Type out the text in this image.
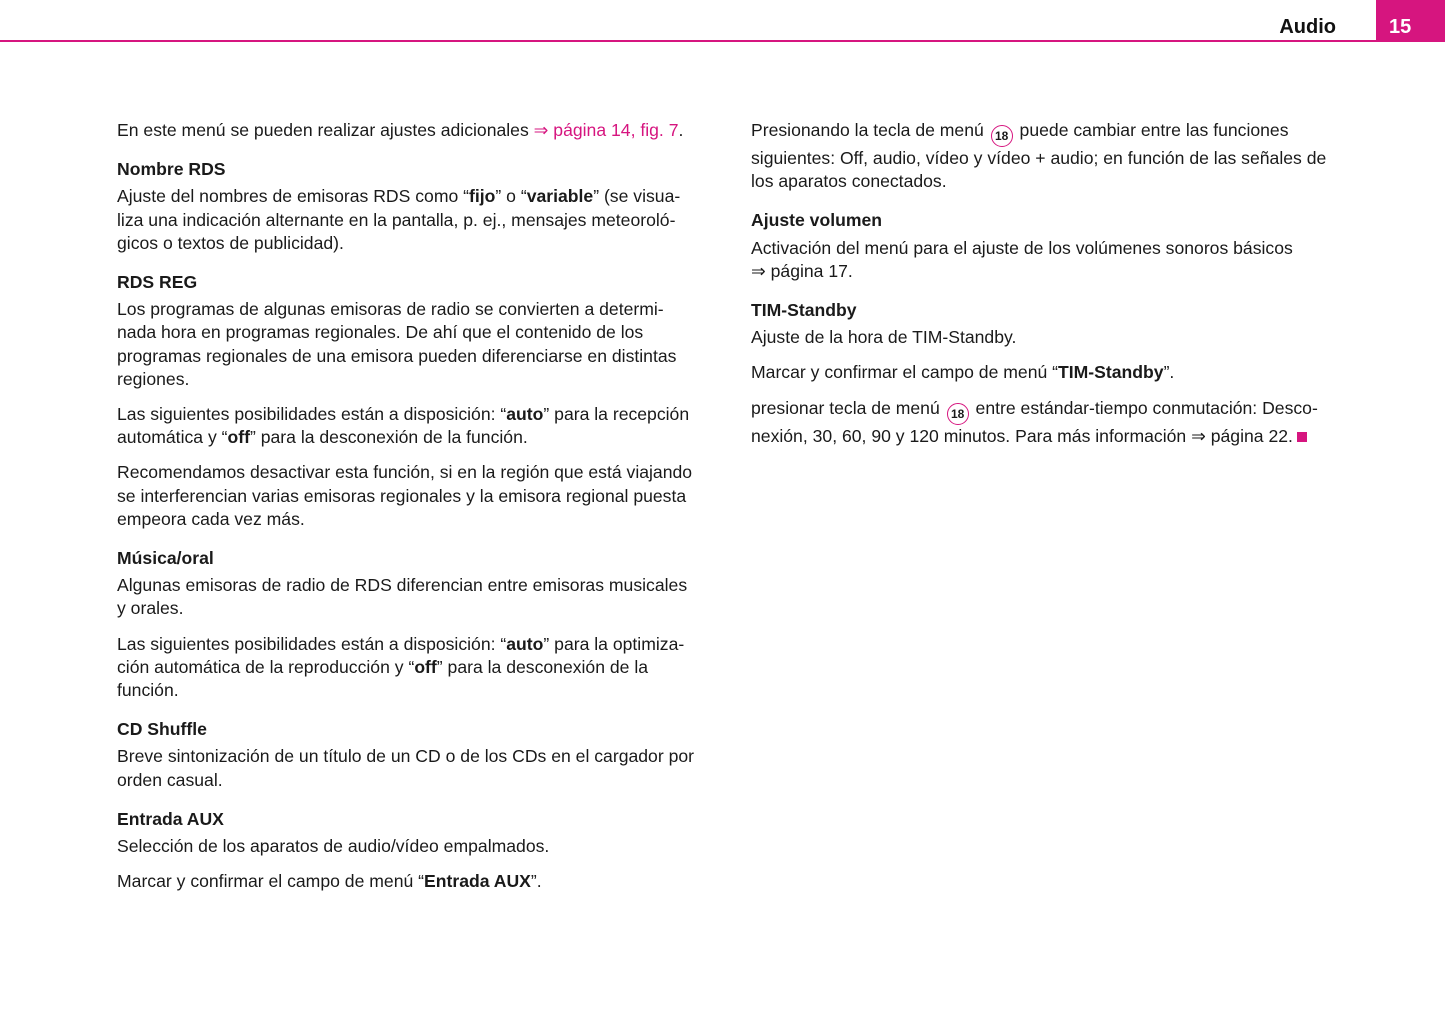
Audio	15

En este menú se pueden realizar ajustes adicionales ⇒ página 14, fig. 7.

Nombre RDS

Ajuste del nombres de emisoras RDS como “fijo” o “variable” (se visua-
liza una indicación alternante en la pantalla, p. ej., mensajes meteoroló-
gicos o textos de publicidad).

RDS REG

Los programas de algunas emisoras de radio se convierten a determi-
nada hora en programas regionales. De ahí que el contenido de los
programas regionales de una emisora pueden diferenciarse en distintas
regiones.

Las siguientes posibilidades están a disposición: “auto” para la recepción
automática y “off” para la desconexión de la función.

Recomendamos desactivar esta función, si en la región que está viajando
se interferencian varias emisoras regionales y la emisora regional puesta
empeora cada vez más.

Música/oral

Algunas emisoras de radio de RDS diferencian entre emisoras musicales
y orales.

Las siguientes posibilidades están a disposición: “auto” para la optimiza-
ción automática de la reproducción y “off” para la desconexión de la
función.

CD Shuffle

Breve sintonización de un título de un CD o de los CDs en el cargador por
orden casual.

Entrada AUX

Selección de los aparatos de audio/vídeo empalmados.

Marcar y confirmar el campo de menú “Entrada AUX”.

Presionando la tecla de menú 18 puede cambiar entre las funciones
siguientes: Off, audio, vídeo y vídeo + audio; en función de las señales de
los aparatos conectados.

Ajuste volumen

Activación del menú para el ajuste de los volúmenes sonoros básicos
⇒ página 17.

TIM-Standby

Ajuste de la hora de TIM-Standby.

Marcar y confirmar el campo de menú “TIM-Standby”.

presionar tecla de menú 18 entre estándar-tiempo conmutación: Desco-
nexión, 30, 60, 90 y 120 minutos. Para más información ⇒ página 22.
